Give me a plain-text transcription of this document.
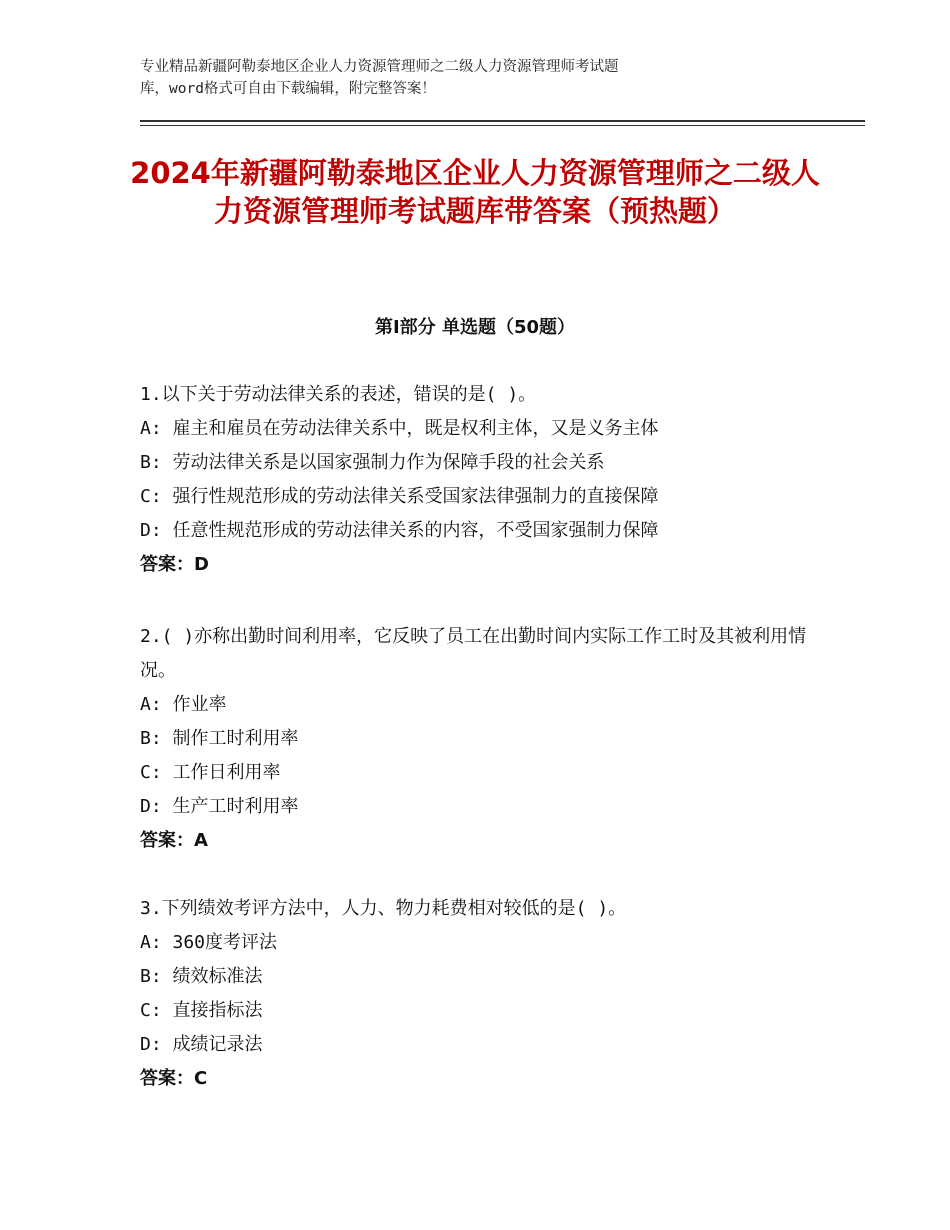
专业精品新疆阿勒泰地区企业人力资源管理师之二级人力资源管理师考试题
库，word格式可自由下载编辑，附完整答案！
2024年新疆阿勒泰地区企业人力资源管理师之二级人力资源管理师考试题库带答案（预热题）
第Ⅰ部分 单选题（50题）

1.以下关于劳动法律关系的表述，错误的是( )。

A: 雇主和雇员在劳动法律关系中，既是权利主体，又是义务主体

B: 劳动法律关系是以国家强制力作为保障手段的社会关系

C: 强行性规范形成的劳动法律关系受国家法律强制力的直接保障

D: 任意性规范形成的劳动法律关系的内容，不受国家强制力保障

答案：D

2.( )亦称出勤时间利用率，它反映了员工在出勤时间内实际工作工时及其被利用情况。

A: 作业率

B: 制作工时利用率

C: 工作日利用率

D: 生产工时利用率

答案：A

3.下列绩效考评方法中，人力、物力耗费相对较低的是( )。

A: 360度考评法

B: 绩效标准法

C: 直接指标法

D: 成绩记录法

答案：C
